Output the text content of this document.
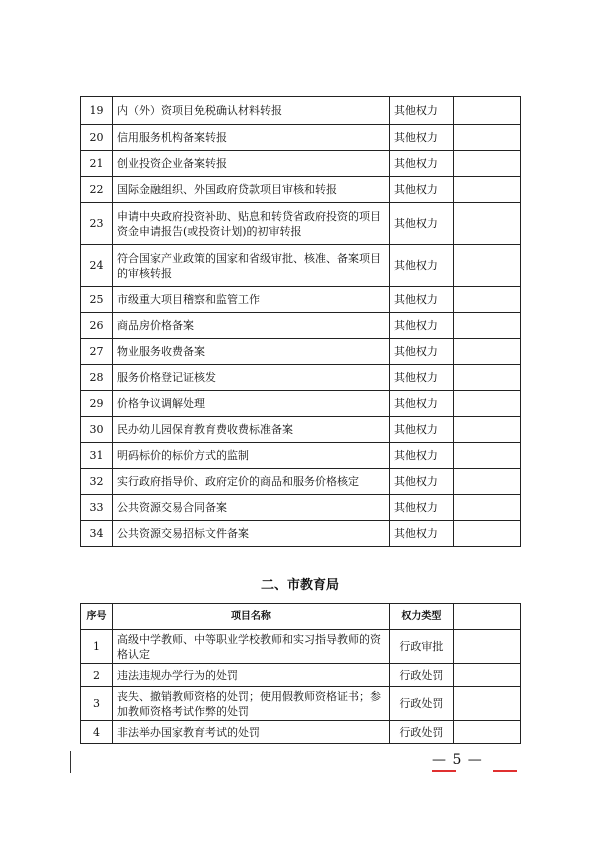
19	内（外）资项目免税确认材料转报	其他权力	
20	信用服务机构备案转报	其他权力	
21	创业投资企业备案转报	其他权力	
22	国际金融组织、外国政府贷款项目审核和转报	其他权力	
23	申请中央政府投资补助、贴息和转贷省政府投资的项目资金申请报告(或投资计划)的初审转报	其他权力	
24	符合国家产业政策的国家和省级审批、核准、备案项目的审核转报	其他权力	
25	市级重大项目稽察和监管工作	其他权力	
26	商品房价格备案	其他权力	
27	物业服务收费备案	其他权力	
28	服务价格登记证核发	其他权力	
29	价格争议调解处理	其他权力	
30	民办幼儿园保育教育费收费标准备案	其他权力	
31	明码标价的标价方式的监制	其他权力	
32	实行政府指导价、政府定价的商品和服务价格核定	其他权力	
33	公共资源交易合同备案	其他权力	
34	公共资源交易招标文件备案	其他权力	
二、市教育局
序号	项目名称	权力类型	
1	高级中学教师、中等职业学校教师和实习指导教师的资格认定	行政审批	
2	违法违规办学行为的处罚	行政处罚	
3	丧失、撤销教师资格的处罚；使用假教师资格证书；参加教师资格考试作弊的处罚	行政处罚	
4	非法举办国家教育考试的处罚	行政处罚	
— 5 —
